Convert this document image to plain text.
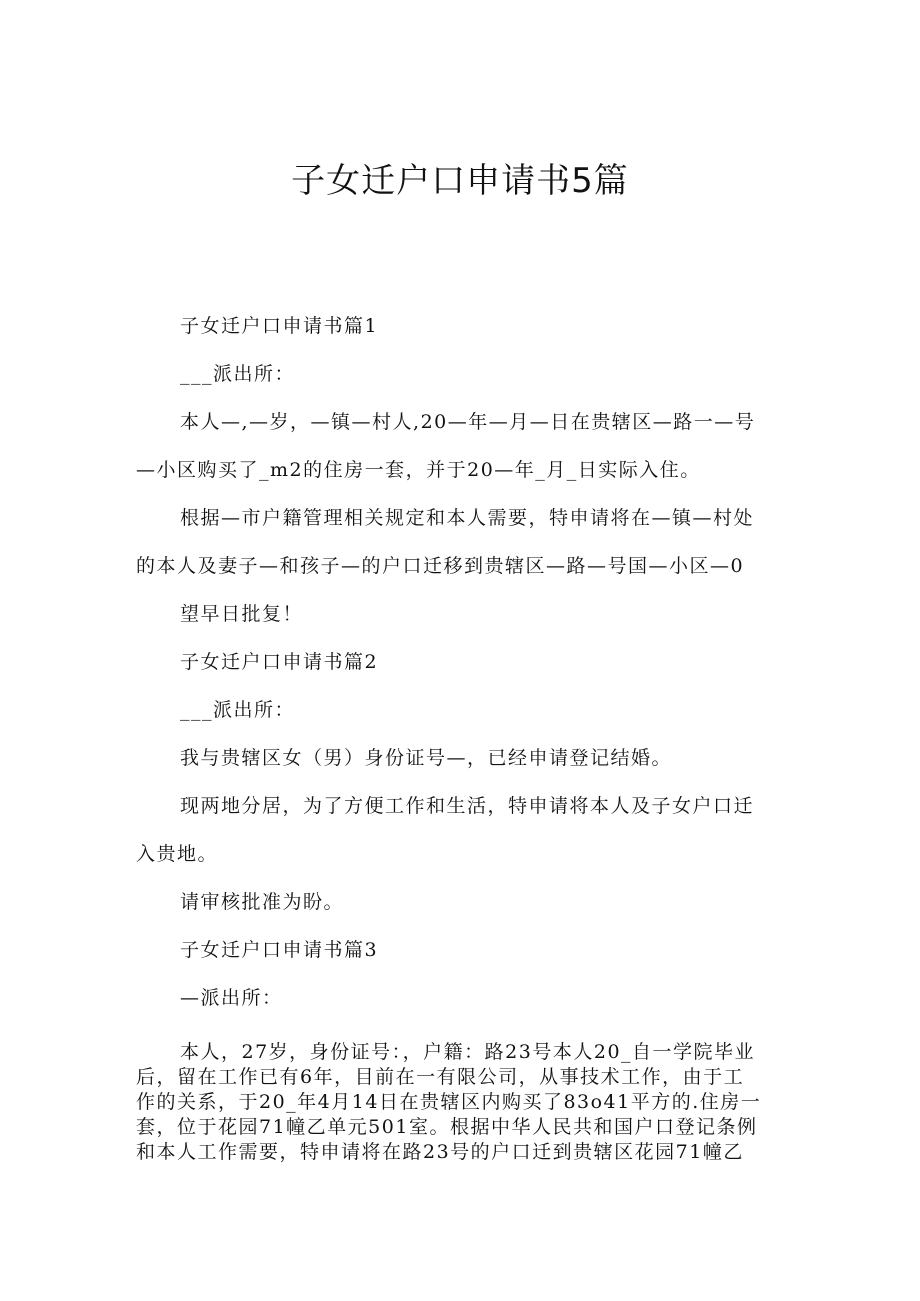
子女迁户口申请书5篇

子女迁户口申请书篇1

___派出所：

本人—,—岁，—镇—村人,20—年—月—日在贵辖区—路一—号

—小区购买了_m2的住房一套，并于20—年_月_日实际入住。

根据—市户籍管理相关规定和本人需要，特申请将在—镇—村处

的本人及妻子—和孩子—的户口迁移到贵辖区—路—号国—小区—0

望早日批复！

子女迁户口申请书篇2

___派出所：

我与贵辖区女（男）身份证号—，已经申请登记结婚。

现两地分居，为了方便工作和生活，特申请将本人及子女户口迁

入贵地。

请审核批准为盼。

子女迁户口申请书篇3

—派出所：

本人，27岁，身份证号：，户籍：路23号本人20_自一学院毕业

后，留在工作已有6年，目前在一有限公司，从事技术工作，由于工

作的关系，于20_年4月14日在贵辖区内购买了83o41平方的.住房一

套，位于花园71幢乙单元501室。根据中华人民共和国户口登记条例

和本人工作需要，特申请将在路23号的户口迁到贵辖区花园71幢乙
